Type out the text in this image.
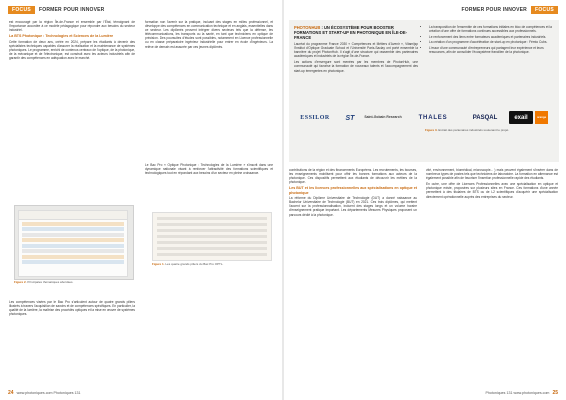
FOCUS	FORMER POUR INNOVER	FORMER POUR INNOVER	FOCUS

est encouragé par la région Île-de-France et ensemble par l'État, témoignant de l'importance accordée à ce modèle pédagogique pour répondre aux besoins du secteur industriel.

La BTS Photonique : Technologies et Sciences de la Lumière

Cette formation de deux ans, créée en 2024, prépare les étudiants à devenir des spécialistes techniques capables d'assurer la réalisation et la maintenance de systèmes photoniques. Le programme, enrichi de contenus centraux de l'optique, de la photonique, de la mécanique et de l'électronique, est construit avec les acteurs industriels afin de garantir des compétences en adéquation avec le marché.

formation non l'avenir sur la pratique, incluant des stages en milieu professionnel, et développe des compétences en communication technique et en anglais, essentielles dans ce secteur. Les diplômés peuvent intégrer divers secteurs tels que la défense, les télécommunications, les transports ou la santé, en tant que techniciens en optique de précision. Des poursuites d'études sont possibles, notamment en Licence professionnelle ou en classe préparatoire ingénieur industrielle pour entrer en école d'ingénieurs. La relève de demain est assurée par ces jeunes diplômés.

Figure 2. Principales thématiques abordées.

Les compétences visées par le Bac Pro s'articulent autour de quatre grands piliers illustrés à travers l'acquisition de savoirs et de compétences spécifiques. En particulier, la qualité de la lumière, la maîtrise des procédés optiques et la mise en œuvre de systèmes photoniques.

Le Bac Pro « Optique Photonique : Technologies de la Lumière » s'inscrit dans une dynamique nationale visant à renforcer l'attractivité des formations scientifiques et technologiques tout en répondant aux besoins d'un secteur en pleine croissance.

Figure 1. Les quatre grands piliers du Bac Pro OPTL.
24 www.photoniques.com Photoniques 131
PHOTONHUB : UN ÉCOSYSTÈME POUR BOOSTER FORMATIONS ET START-UP EN PHOTONIQUE EN ÎLE-DE-FRANCE

Lauréat du programme France 2030 « Compétences et Métiers d'Avenir », Vitamijsp l'Institut d'Optique Graduate School et l'Université Paris-Saclay ont porté ensemble la bannière du projet PhotonHub. Il s'agit d'une structure qui rassemble des partenaires académiques et industriels de la région Île-de-France.

Les actions d'envergure sont menées par les membres de PhotonHub, une communauté qui favorise la formation de nouveaux talents et l'accompagnement des start-up émergentes en photonique.

• La transposition de l'ensemble de ces formations initiales en bloc de compétences et la création d'une offre de formations continues accessibles aux professionnels.
• Le renforcement des liens entre formateurs académiques et partenaires industriels.
• La création d'un programme d'accélération de start-up en photonique : Fémto Cubs.
• L'essor d'une communauté d'entrepreneurs qui partagent leur expérience et leurs ressources, afin de consolider l'écosystème francilien de la photonique.
ESSILOR	ST	Saint-Gobain Research	THALES	PASQAL	exail	orange
Figure 3. Extrait des partenaires industriels soutenant le projet.

contributions de la région et des financements Européens. Les recrutements, les bourses, les enseignements mobilisent pour offrir les bonnes formations aux acteurs de la photonique. Ces dispositifs permettent aux étudiants de découvrir les métiers de la photonique.

Les BUT et les licences professionnelles aux spécialisations en optique et photonique

La réforme du Diplôme Universitaire de Technologie (DUT) a donné naissance au Bachelor Universitaire de Technologie (BUT) en 2021. Ces trois diplômes, qui mettent l'accent sur la professionnalisation, incluent des stages longs et un volume horaire d'enseignement pratique important. Les départements Mesures Physiques proposent un parcours dédié à la photonique.

vité, environnement, biomédical, microscopie... ) mais peuvent également s'insérer dans de nombreux types de postes tels que techniciens de laboratoire. La formation en alternance est également possible afin de favoriser l'insertion professionnelle rapide des étudiants.

En outre, une offre de Licences Professionnelles avec une spécialisation en optique et photonique existe, proposées sur plusieurs sites en France. Ces formations d'une année permettent à des titulaires de BTS ou de L2 scientifiques d'acquérir une spécialisation directement opérationnelle auprès des entreprises du secteur.

Photoniques 131 www.photoniques.com 25
